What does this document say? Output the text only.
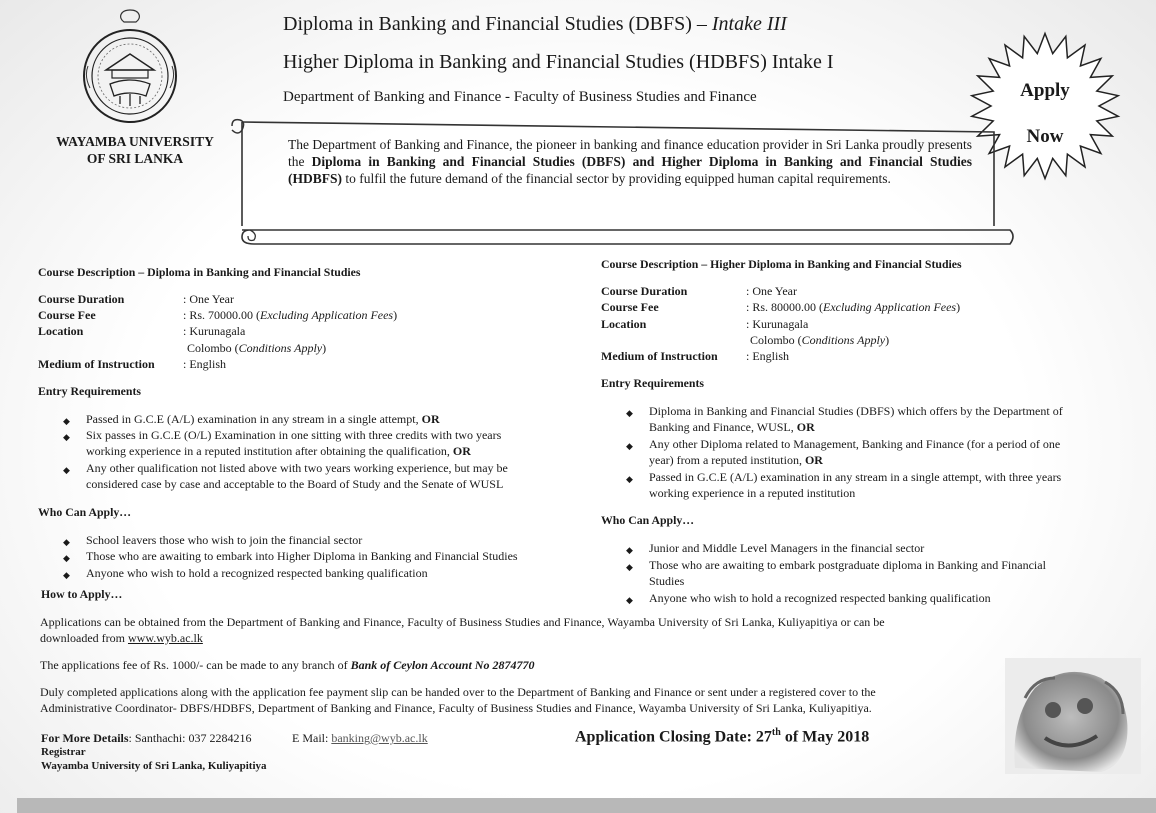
WAYAMBA UNIVERSITY
OF SRI LANKA
Diploma in Banking and Financial Studies (DBFS) – Intake III
Higher Diploma in Banking and Financial Studies (HDBFS) Intake I
Department of Banking and Finance - Faculty of Business Studies and Finance	Apply
Now
The Department of Banking and Finance, the pioneer in banking and finance education provider in Sri Lanka proudly presents the Diploma in Banking and Financial Studies (DBFS) and Higher Diploma in Banking and Financial Studies (HDBFS) to fulfil the future demand of the financial sector by providing equipped human capital requirements.
Course Description – Diploma in Banking and Financial Studies
Course Duration	: One Year
Course Fee	: Rs. 70000.00 (Excluding Application Fees)
Location	: Kurunagala
Colombo (Conditions Apply)
Medium of Instruction : English
Entry Requirements
◆ Passed in G.C.E (A/L) examination in any stream in a single attempt, OR
◆ Six passes in G.C.E (O/L) Examination in one sitting with three credits with two years
working experience in a reputed institution after obtaining the qualification, OR
◆ Any other qualification not listed above with two years working experience, but may be
considered case by case and acceptable to the Board of Study and the Senate of WUSL
Who Can Apply…
◆ School leavers those who wish to join the financial sector
◆ Those who are awaiting to embark into Higher Diploma in Banking and Financial Studies
◆ Anyone who wish to hold a recognized respected banking qualification
Course Description – Higher Diploma in Banking and Financial Studies
Course Duration	: One Year
Course Fee	: Rs. 80000.00 (Excluding Application Fees)
Location	: Kurunagala
Colombo (Conditions Apply)
Medium of Instruction : English
Entry Requirements
◆ Diploma in Banking and Financial Studies (DBFS) which offers by the Department of
Banking and Finance, WUSL, OR
◆ Any other Diploma related to Management, Banking and Finance (for a period of one
year) from a reputed institution, OR
◆ Passed in G.C.E (A/L) examination in any stream in a single attempt, with three years
working experience in a reputed institution
Who Can Apply…
◆ Junior and Middle Level Managers in the financial sector
◆ Those who are awaiting to embark postgraduate diploma in Banking and Financial
Studies
◆ Anyone who wish to hold a recognized respected banking qualification
How to Apply…
Applications can be obtained from the Department of Banking and Finance, Faculty of Business Studies and Finance, Wayamba University of Sri Lanka, Kuliyapitiya or can be
downloaded from www.wyb.ac.lk
The applications fee of Rs. 1000/- can be made to any branch of Bank of Ceylon Account No 2874770
Duly completed applications along with the application fee payment slip can be handed over to the Department of Banking and Finance or sent under a registered cover to the
Administrative Coordinator- DBFS/HDBFS, Department of Banking and Finance, Faculty of Business Studies and Finance, Wayamba University of Sri Lanka, Kuliyapitiya.
For More Details: Santhachi: 037 2284216	E Mail: banking@wyb.ac.lk
Registrar
Wayamba University of Sri Lanka, Kuliyapitiya
Application Closing Date: 27th of May 2018
